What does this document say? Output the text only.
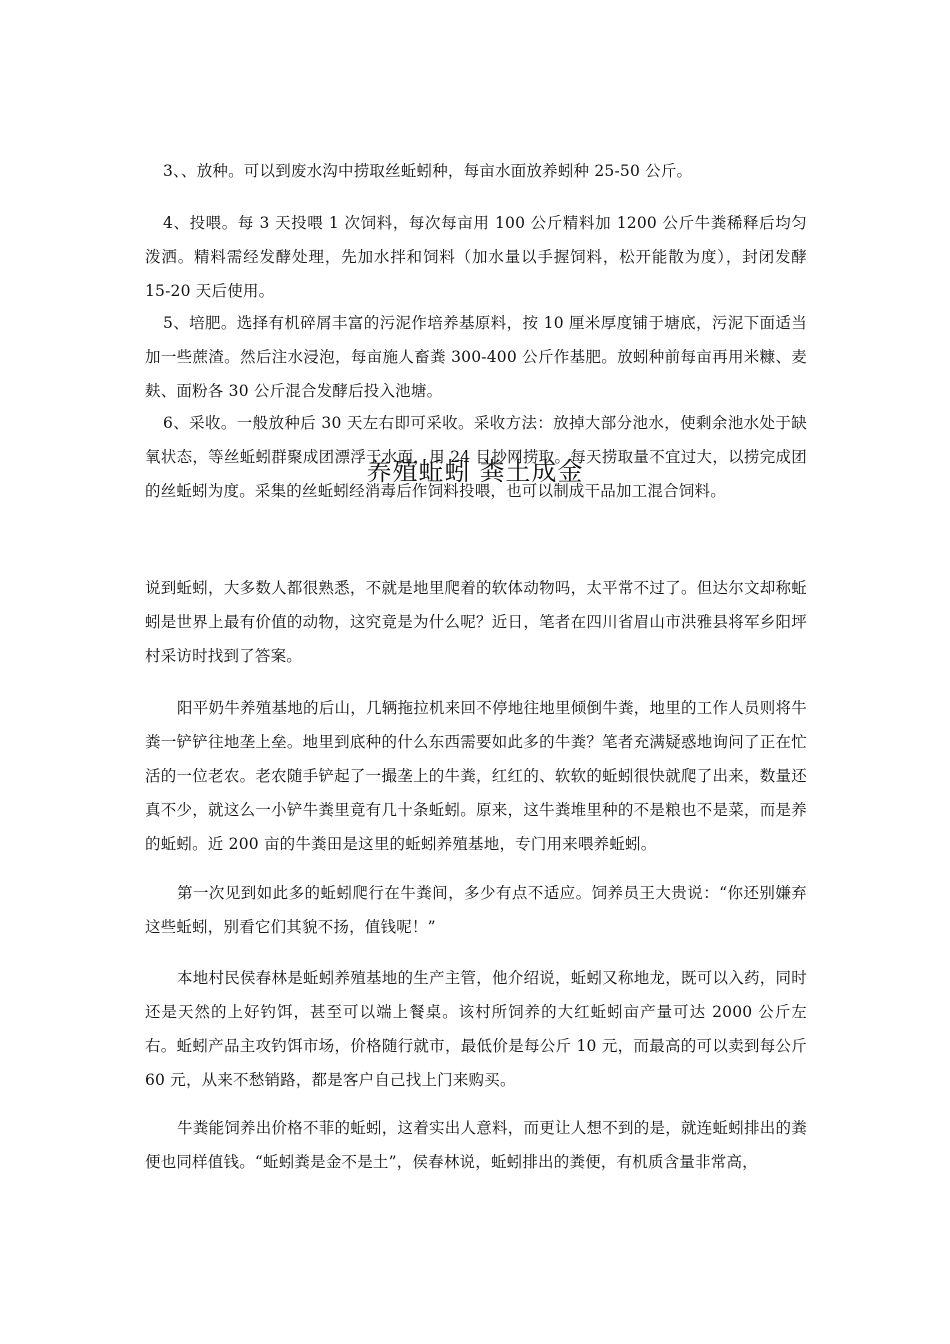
3、、放种。可以到废水沟中捞取丝蚯蚓种，每亩水面放养蚓种 25-50 公斤。

4、投喂。每 3 天投喂 1 次饲料，每次每亩用 100 公斤精料加 1200 公斤牛粪稀释后均匀泼洒。精料需经发酵处理，先加水拌和饲料（加水量以手握饲料，松开能散为度），封闭发酵 15-20 天后使用。

5、培肥。选择有机碎屑丰富的污泥作培养基原料，按 10 厘米厚度铺于塘底，污泥下面适当加一些蔗渣。然后注水浸泡，每亩施人畜粪 300-400 公斤作基肥。放蚓种前每亩再用米糠、麦麸、面粉各 30 公斤混合发酵后投入池塘。

6、采收。一般放种后 30 天左右即可采收。采收方法：放掉大部分池水，使剩余池水处于缺氧状态，等丝蚯蚓群聚成团漂浮于水面，用 24 目抄网捞取。每天捞取量不宜过大，以捞完成团的丝蚯蚓为度。采集的丝蚯蚓经消毒后作饲料投喂，也可以制成干品加工混合饲料。

养殖蚯蚓 粪土成金

说到蚯蚓，大多数人都很熟悉，不就是地里爬着的软体动物吗，太平常不过了。但达尔文却称蚯蚓是世界上最有价值的动物，这究竟是为什么呢？近日，笔者在四川省眉山市洪雅县将军乡阳坪村采访时找到了答案。

阳平奶牛养殖基地的后山，几辆拖拉机来回不停地往地里倾倒牛粪，地里的工作人员则将牛粪一铲铲往地垄上垒。地里到底种的什么东西需要如此多的牛粪？笔者充满疑惑地询问了正在忙活的一位老农。老农随手铲起了一撮垄上的牛粪，红红的、软软的蚯蚓很快就爬了出来，数量还真不少，就这么一小铲牛粪里竟有几十条蚯蚓。原来，这牛粪堆里种的不是粮也不是菜，而是养的蚯蚓。近 200 亩的牛粪田是这里的蚯蚓养殖基地，专门用来喂养蚯蚓。

第一次见到如此多的蚯蚓爬行在牛粪间，多少有点不适应。饲养员王大贵说：“你还别嫌弃这些蚯蚓，别看它们其貌不扬，值钱呢！”

本地村民侯春林是蚯蚓养殖基地的生产主管，他介绍说，蚯蚓又称地龙，既可以入药，同时还是天然的上好钓饵，甚至可以端上餐桌。该村所饲养的大红蚯蚓亩产量可达 2000 公斤左右。蚯蚓产品主攻钓饵市场，价格随行就市，最低价是每公斤 10 元，而最高的可以卖到每公斤 60 元，从来不愁销路，都是客户自己找上门来购买。

牛粪能饲养出价格不菲的蚯蚓，这着实出人意料，而更让人想不到的是，就连蚯蚓排出的粪便也同样值钱。“蚯蚓粪是金不是土”，侯春林说，蚯蚓排出的粪便，有机质含量非常高，
